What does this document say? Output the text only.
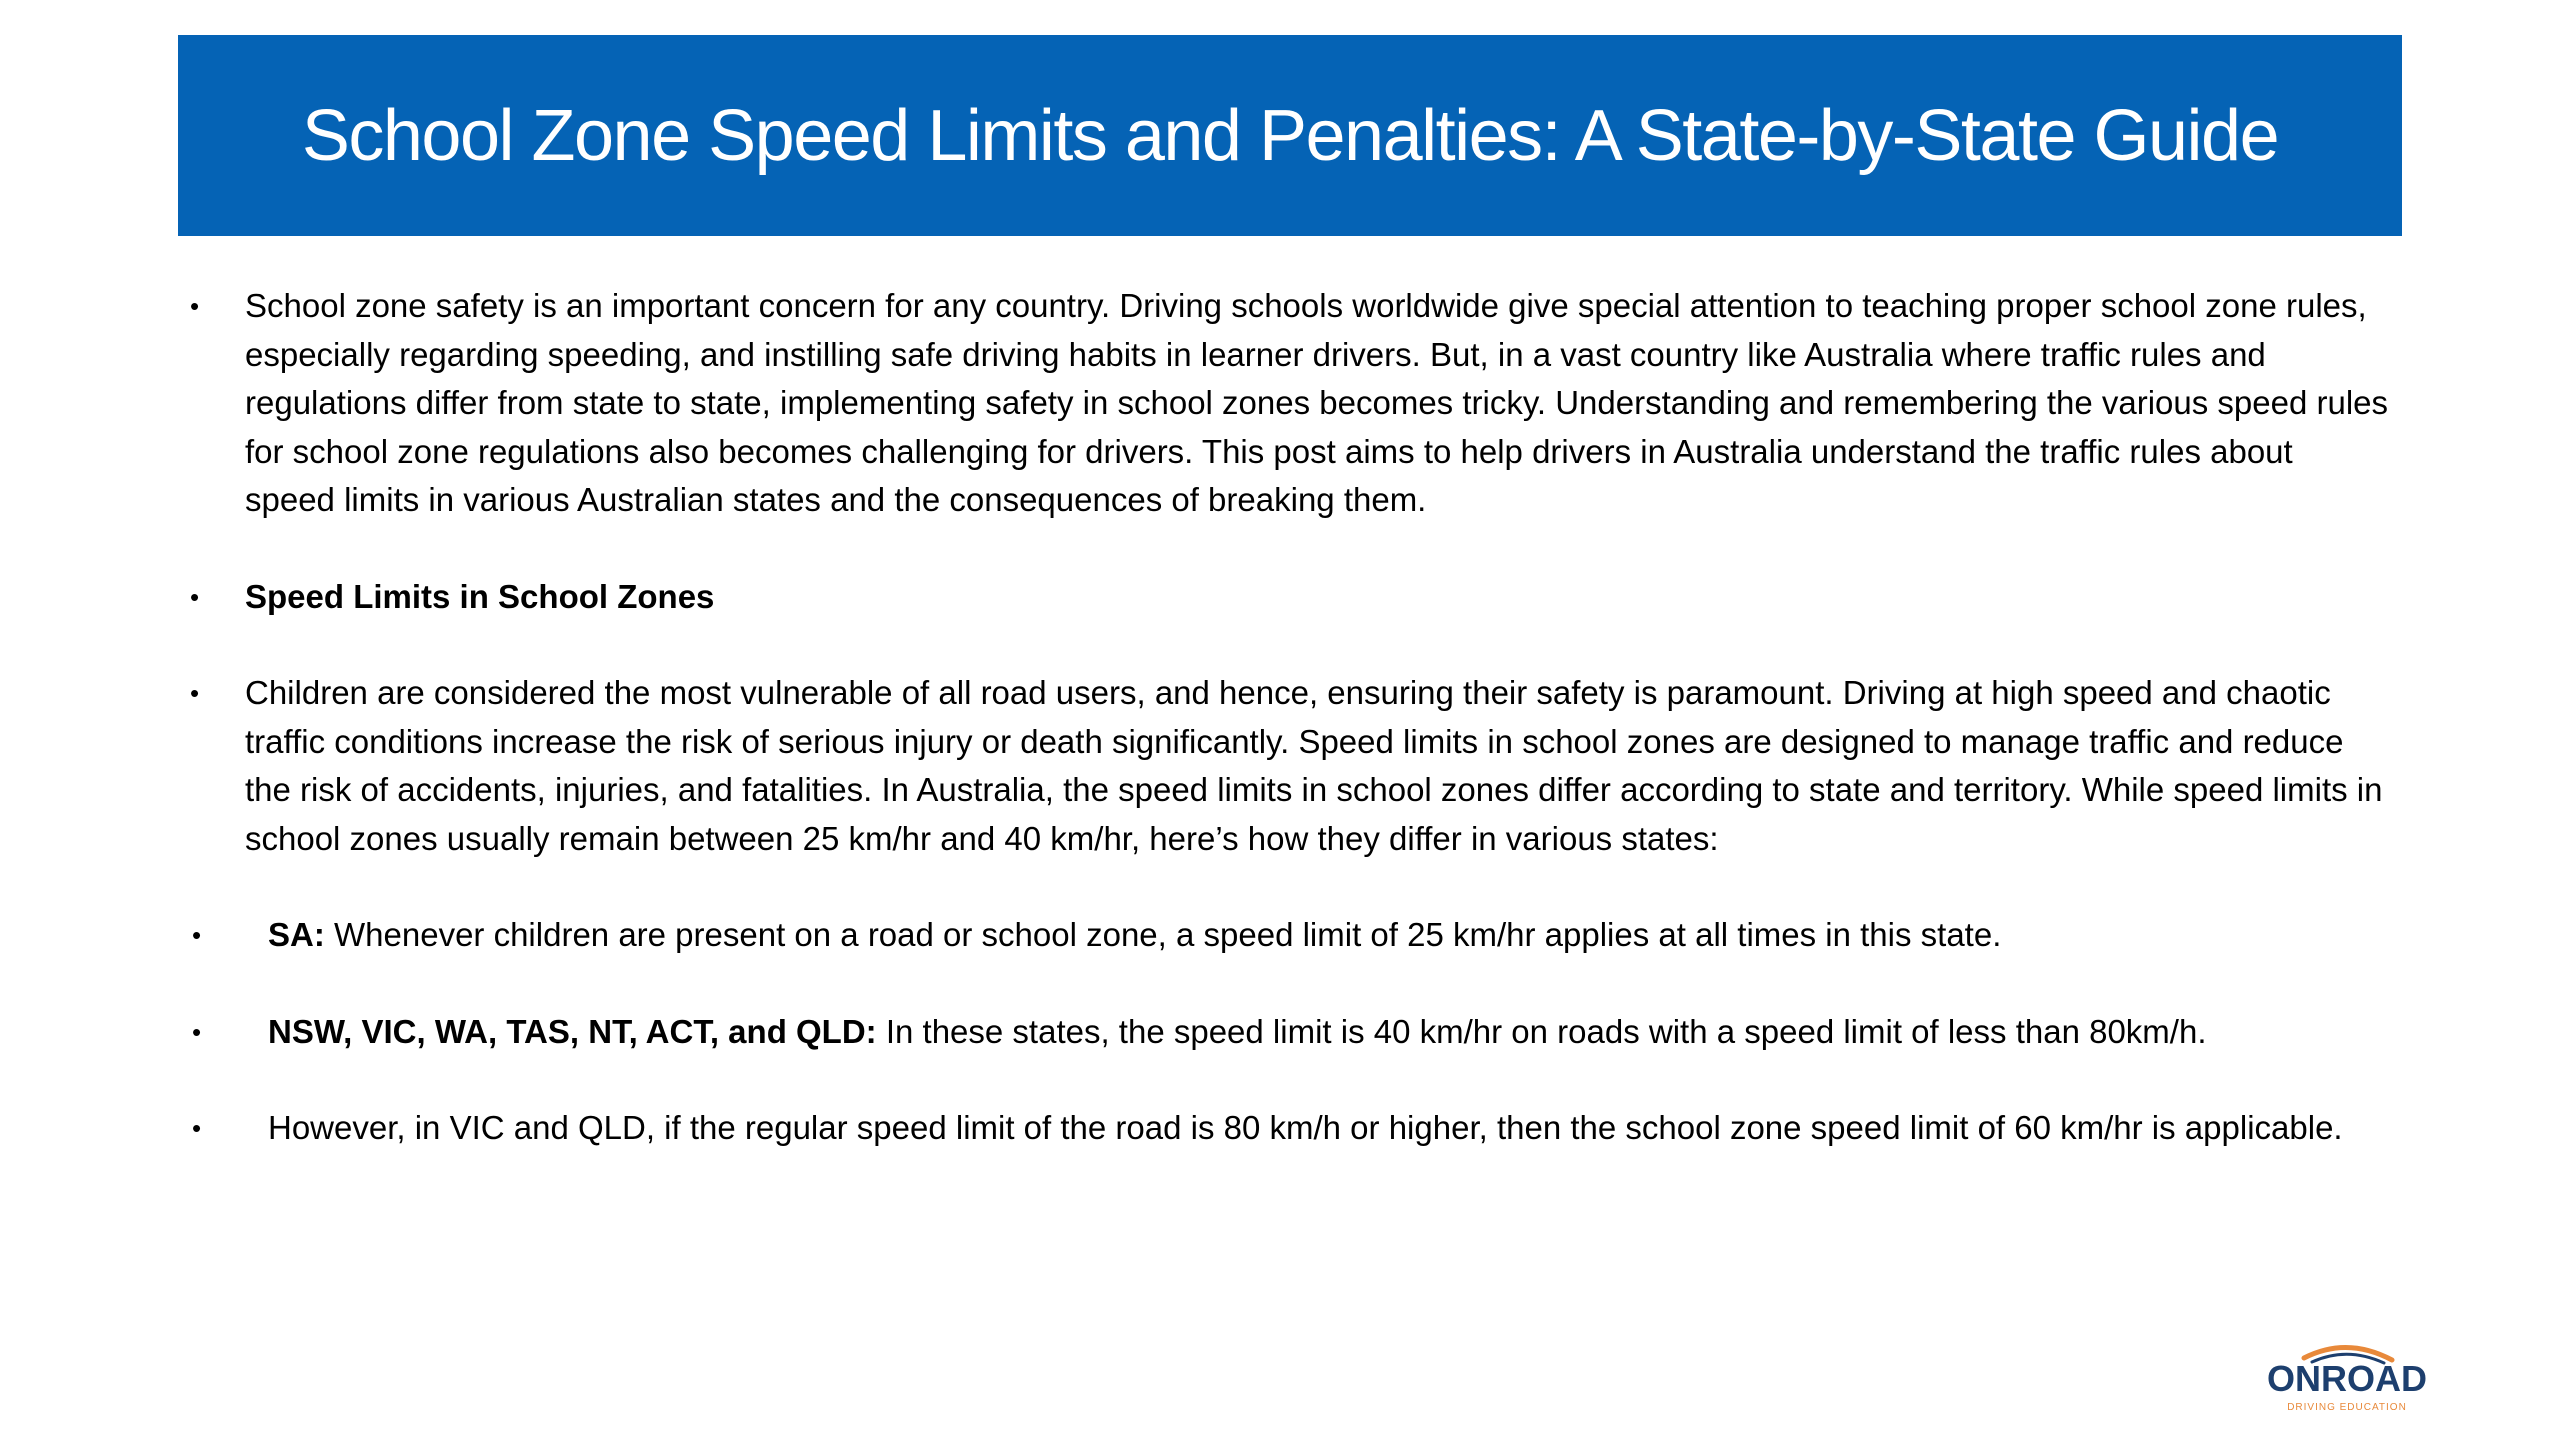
School Zone Speed Limits and Penalties: A State-by-State Guide
• School zone safety is an important concern for any country. Driving schools worldwide give special attention to teaching proper school zone rules, especially regarding speeding, and instilling safe driving habits in learner drivers. But, in a vast country like Australia where traffic rules and regulations differ from state to state, implementing safety in school zones becomes tricky. Understanding and remembering the various speed rules for school zone regulations also becomes challenging for drivers. This post aims to help drivers in Australia understand the traffic rules about speed limits in various Australian states and the consequences of breaking them.
• Speed Limits in School Zones
• Children are considered the most vulnerable of all road users, and hence, ensuring their safety is paramount. Driving at high speed and chaotic traffic conditions increase the risk of serious injury or death significantly. Speed limits in school zones are designed to manage traffic and reduce the risk of accidents, injuries, and fatalities. In Australia, the speed limits in school zones differ according to state and territory. While speed limits in school zones usually remain between 25 km/hr and 40 km/hr, here’s how they differ in various states:
• SA: Whenever children are present on a road or school zone, a speed limit of 25 km/hr applies at all times in this state.
• NSW, VIC, WA, TAS, NT, ACT, and QLD: In these states, the speed limit is 40 km/hr on roads with a speed limit of less than 80km/h.
• However, in VIC and QLD, if the regular speed limit of the road is 80 km/h or higher, then the school zone speed limit of 60 km/hr is applicable.
ONROAD
DRIVING EDUCATION
